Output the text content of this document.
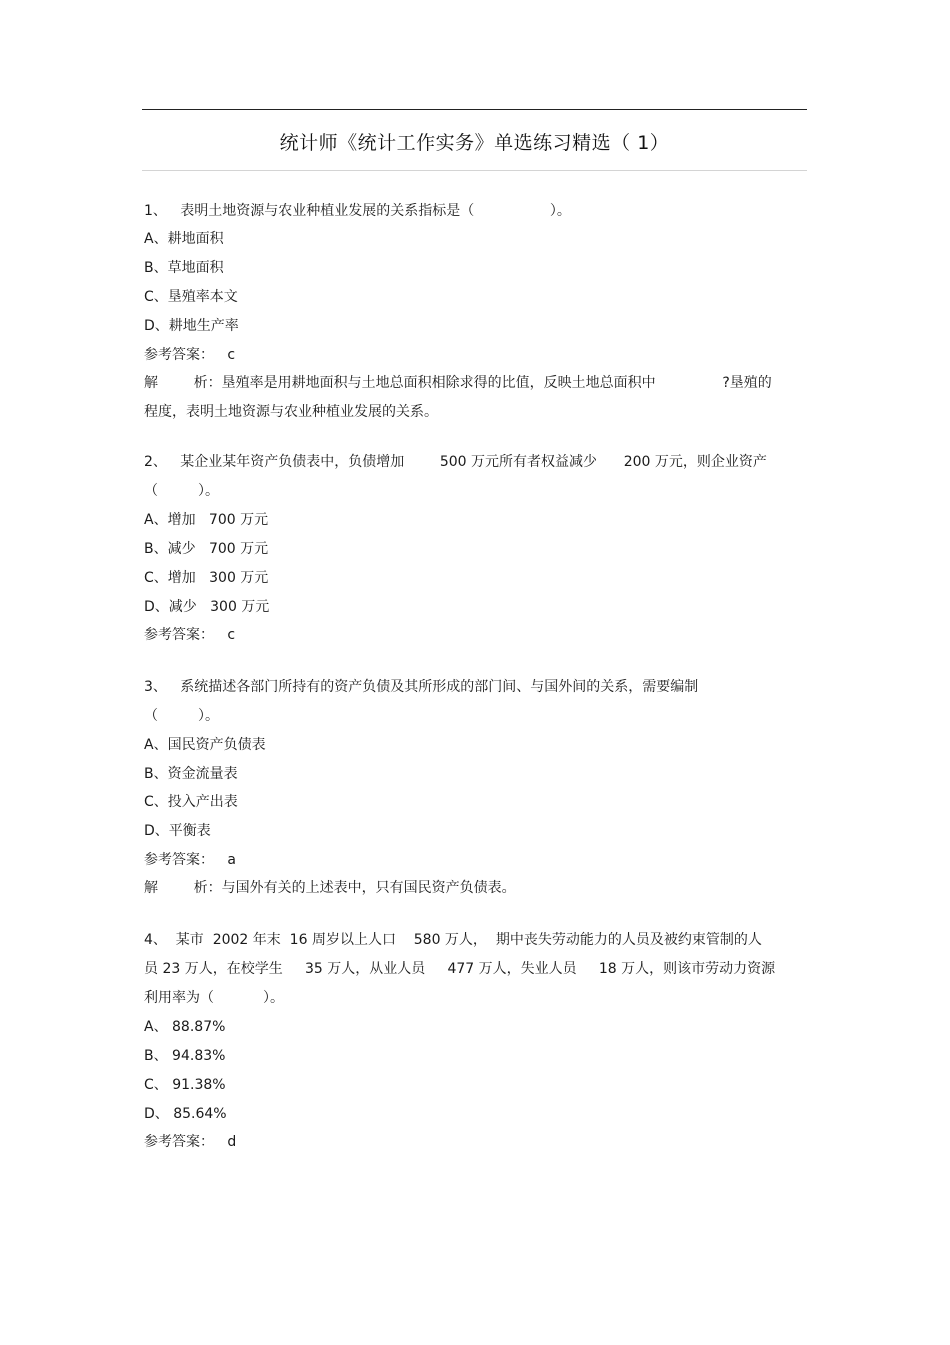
统计师《统计工作实务》单选练习精选（ 1）
1、   表明土地资源与农业种植业发展的关系指标是（                 ）。
A、耕地面积
B、草地面积
C、垦殖率本文
D、耕地生产率
参考答案：   c
解        析：垦殖率是用耕地面积与土地总面积相除求得的比值，反映土地总面积中               ?垦殖的
程度，表明土地资源与农业种植业发展的关系。
2、   某企业某年资产负债表中，负债增加        500 万元所有者权益减少      200 万元，则企业资产
（         ）。
A、增加   700 万元
B、减少   700 万元
C、增加   300 万元
D、减少   300 万元
参考答案：   c
3、   系统描述各部门所持有的资产负债及其所形成的部门间、与国外间的关系，需要编制
（         ）。
A、国民资产负债表
B、资金流量表
C、投入产出表
D、平衡表
参考答案：   a
解        析：与国外有关的上述表中，只有国民资产负债表。
4、  某市  2002 年末  16 周岁以上人口    580 万人，  期中丧失劳动能力的人员及被约束管制的人
员 23 万人，在校学生     35 万人，从业人员     477 万人，失业人员     18 万人，则该市劳动力资源
利用率为（           ）。
A、 88.87%
B、 94.83%
C、 91.38%
D、 85.64%
参考答案：   d
